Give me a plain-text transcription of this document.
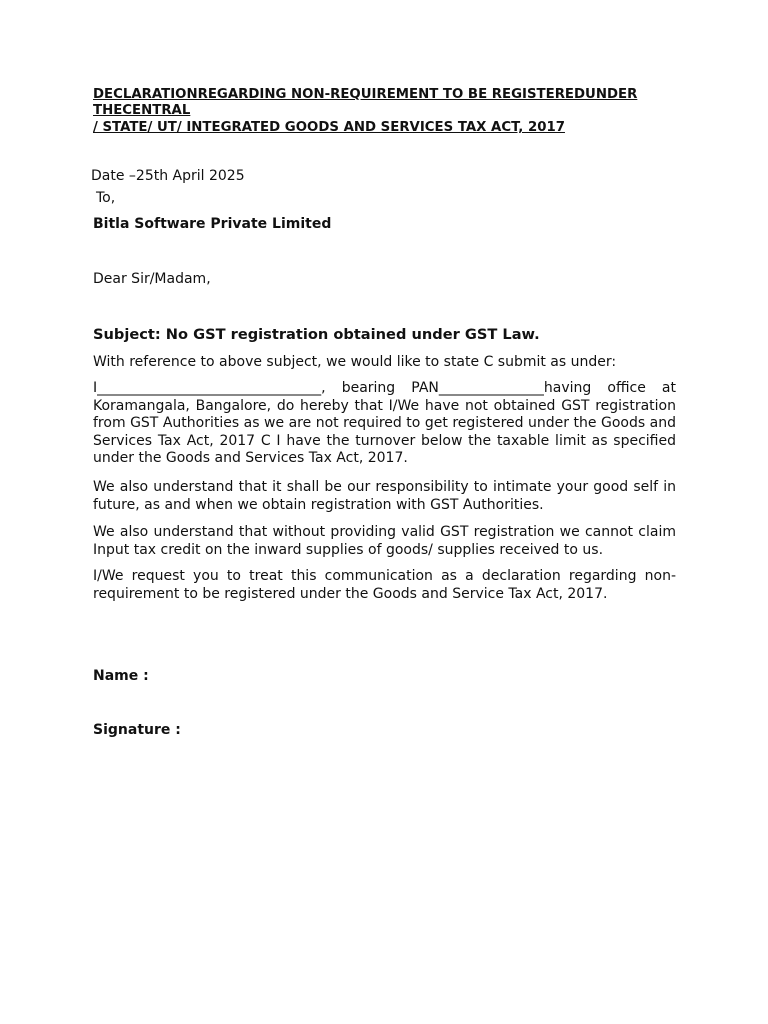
DECLARATIONREGARDING NON-REQUIREMENT TO BE REGISTEREDUNDER
THECENTRAL
/ STATE/ UT/ INTEGRATED GOODS AND SERVICES TAX ACT, 2017
Date –25th April 2025
To,
Bitla Software Private Limited
Dear Sir/Madam,
Subject: No GST registration obtained under GST Law.
With reference to above subject, we would like to state C submit as under:
I________________________________, bearing PAN_______________having office at Koramangala, Bangalore, do hereby that I/We have not obtained GST registration from GST Authorities as we are not required to get registered under the Goods and Services Tax Act, 2017 C I have the turnover below the taxable limit as specified under the Goods and Services Tax Act, 2017.
We also understand that it shall be our responsibility to intimate your good self in future, as and when we obtain registration with GST Authorities.
We also understand that without providing valid GST registration we cannot claim Input tax credit on the inward supplies of goods/ supplies received to us.
I/We request you to treat this communication as a declaration regarding non-requirement to be registered under the Goods and Service Tax Act, 2017.
Name :
Signature :
